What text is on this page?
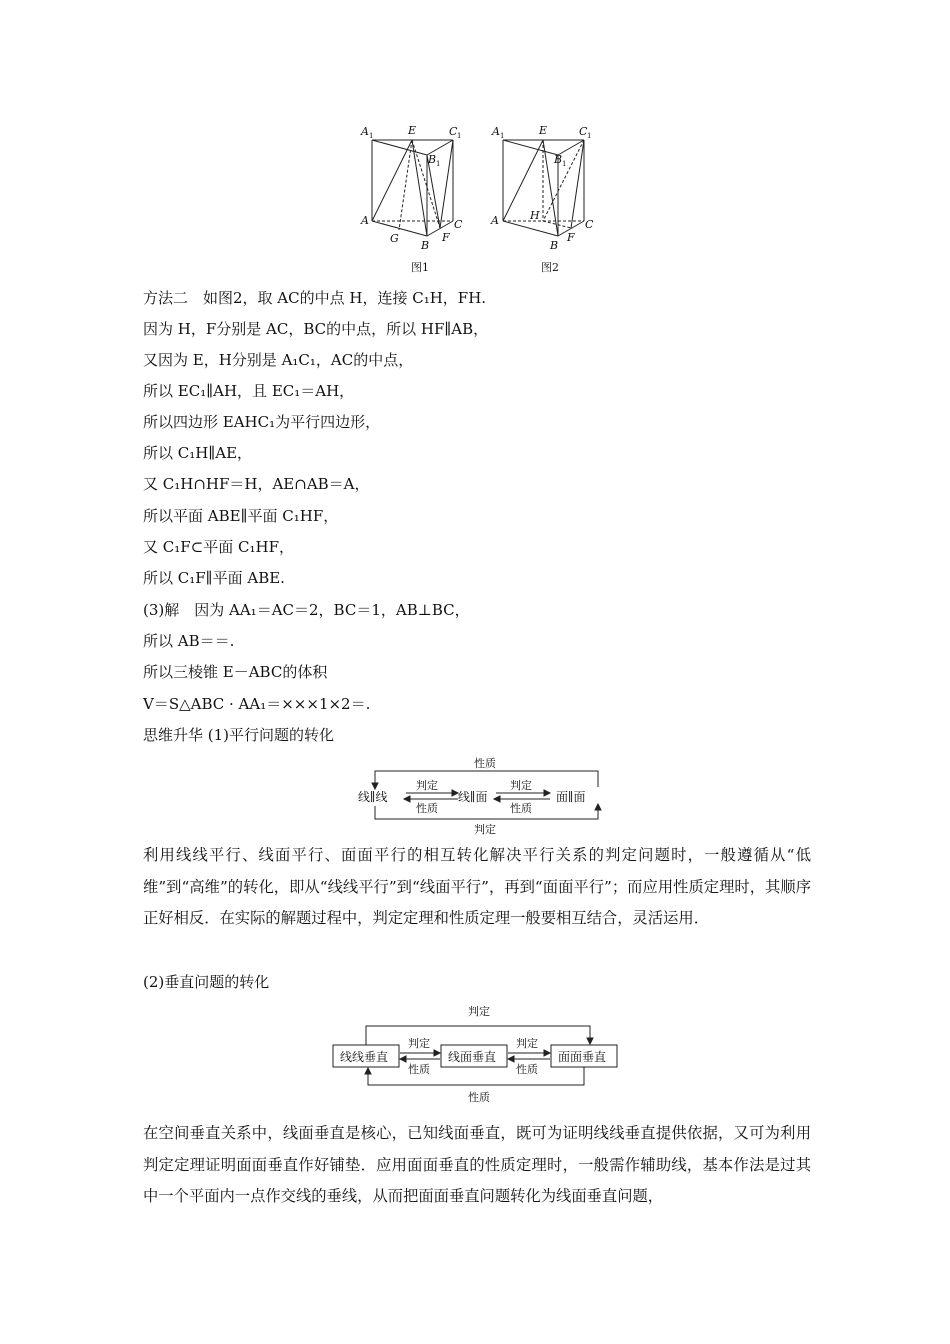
A 1	E	C 1
B 1
A
G
B
F
C
图1
A 1	E	C 1
B 1
A	H
B
F
C
图2
方法二　如图2，取 AC的中点 H，连接 C₁H，FH.
因为 H，F分别是 AC，BC的中点，所以 HF∥AB，
又因为 E，H分别是 A₁C₁，AC的中点，
所以 EC₁∥AH，且 EC₁＝AH，
所以四边形 EAHC₁为平行四边形，
所以 C₁H∥AE，
又 C₁H∩HF＝H，AE∩AB＝A，
所以平面 ABE∥平面 C₁HF，
又 C₁F⊂平面 C₁HF，
所以 C₁F∥平面 ABE.
(3)解　因为 AA₁＝AC＝2，BC＝1，AB⊥BC，
所以 AB＝＝.
所以三棱锥 E－ABC的体积
V＝S△ABC · AA₁＝×××1×2＝.
思维升华 (1)平行问题的转化
性质
判定
线∥线	线∥面	面∥面
判定
性质
判定
性质
利用线线平行、线面平行、面面平行的相互转化解决平行关系的判定问题时，一般遵循从“低维”到“高维”的转化，即从“线线平行”到“线面平行”，再到“面面平行”；而应用性质定理时，其顺序正好相反．在实际的解题过程中，判定定理和性质定理一般要相互结合，灵活运用．
(2)垂直问题的转化
判定
性质
线线垂直	线面垂直	面面垂直
判定
性质
判定
性质
在空间垂直关系中，线面垂直是核心，已知线面垂直，既可为证明线线垂直提供依据，又可为利用判定定理证明面面垂直作好铺垫．应用面面垂直的性质定理时，一般需作辅助线，基本作法是过其中一个平面内一点作交线的垂线，从而把面面垂直问题转化为线面垂直问题，
